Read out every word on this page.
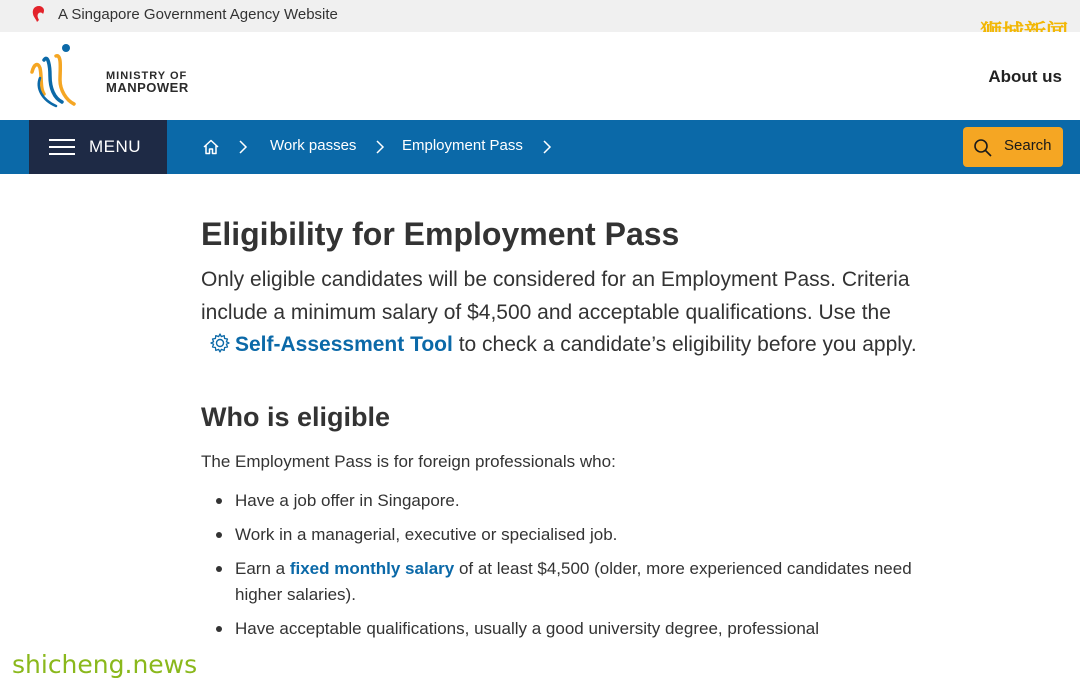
A Singapore Government Agency Website
MINISTRY OF
MANPOWER
About us
MENU	Work passes	Employment Pass	Search
Eligibility for Employment Pass

Only eligible candidates will be considered for an Employment Pass. Criteria include a minimum salary of $4,500 and acceptable qualifications. Use theSelf-Assessment Tool to check a candidate’s eligibility before you apply.

Who is eligible

The Employment Pass is for foreign professionals who:

Have a job offer in Singapore.
Work in a managerial, executive or specialised job.
Earn a fixed monthly salary of at least $4,500 (older, more experienced candidates need higher salaries).
Have acceptable qualifications, usually a good university degree, professional
shicheng.news
